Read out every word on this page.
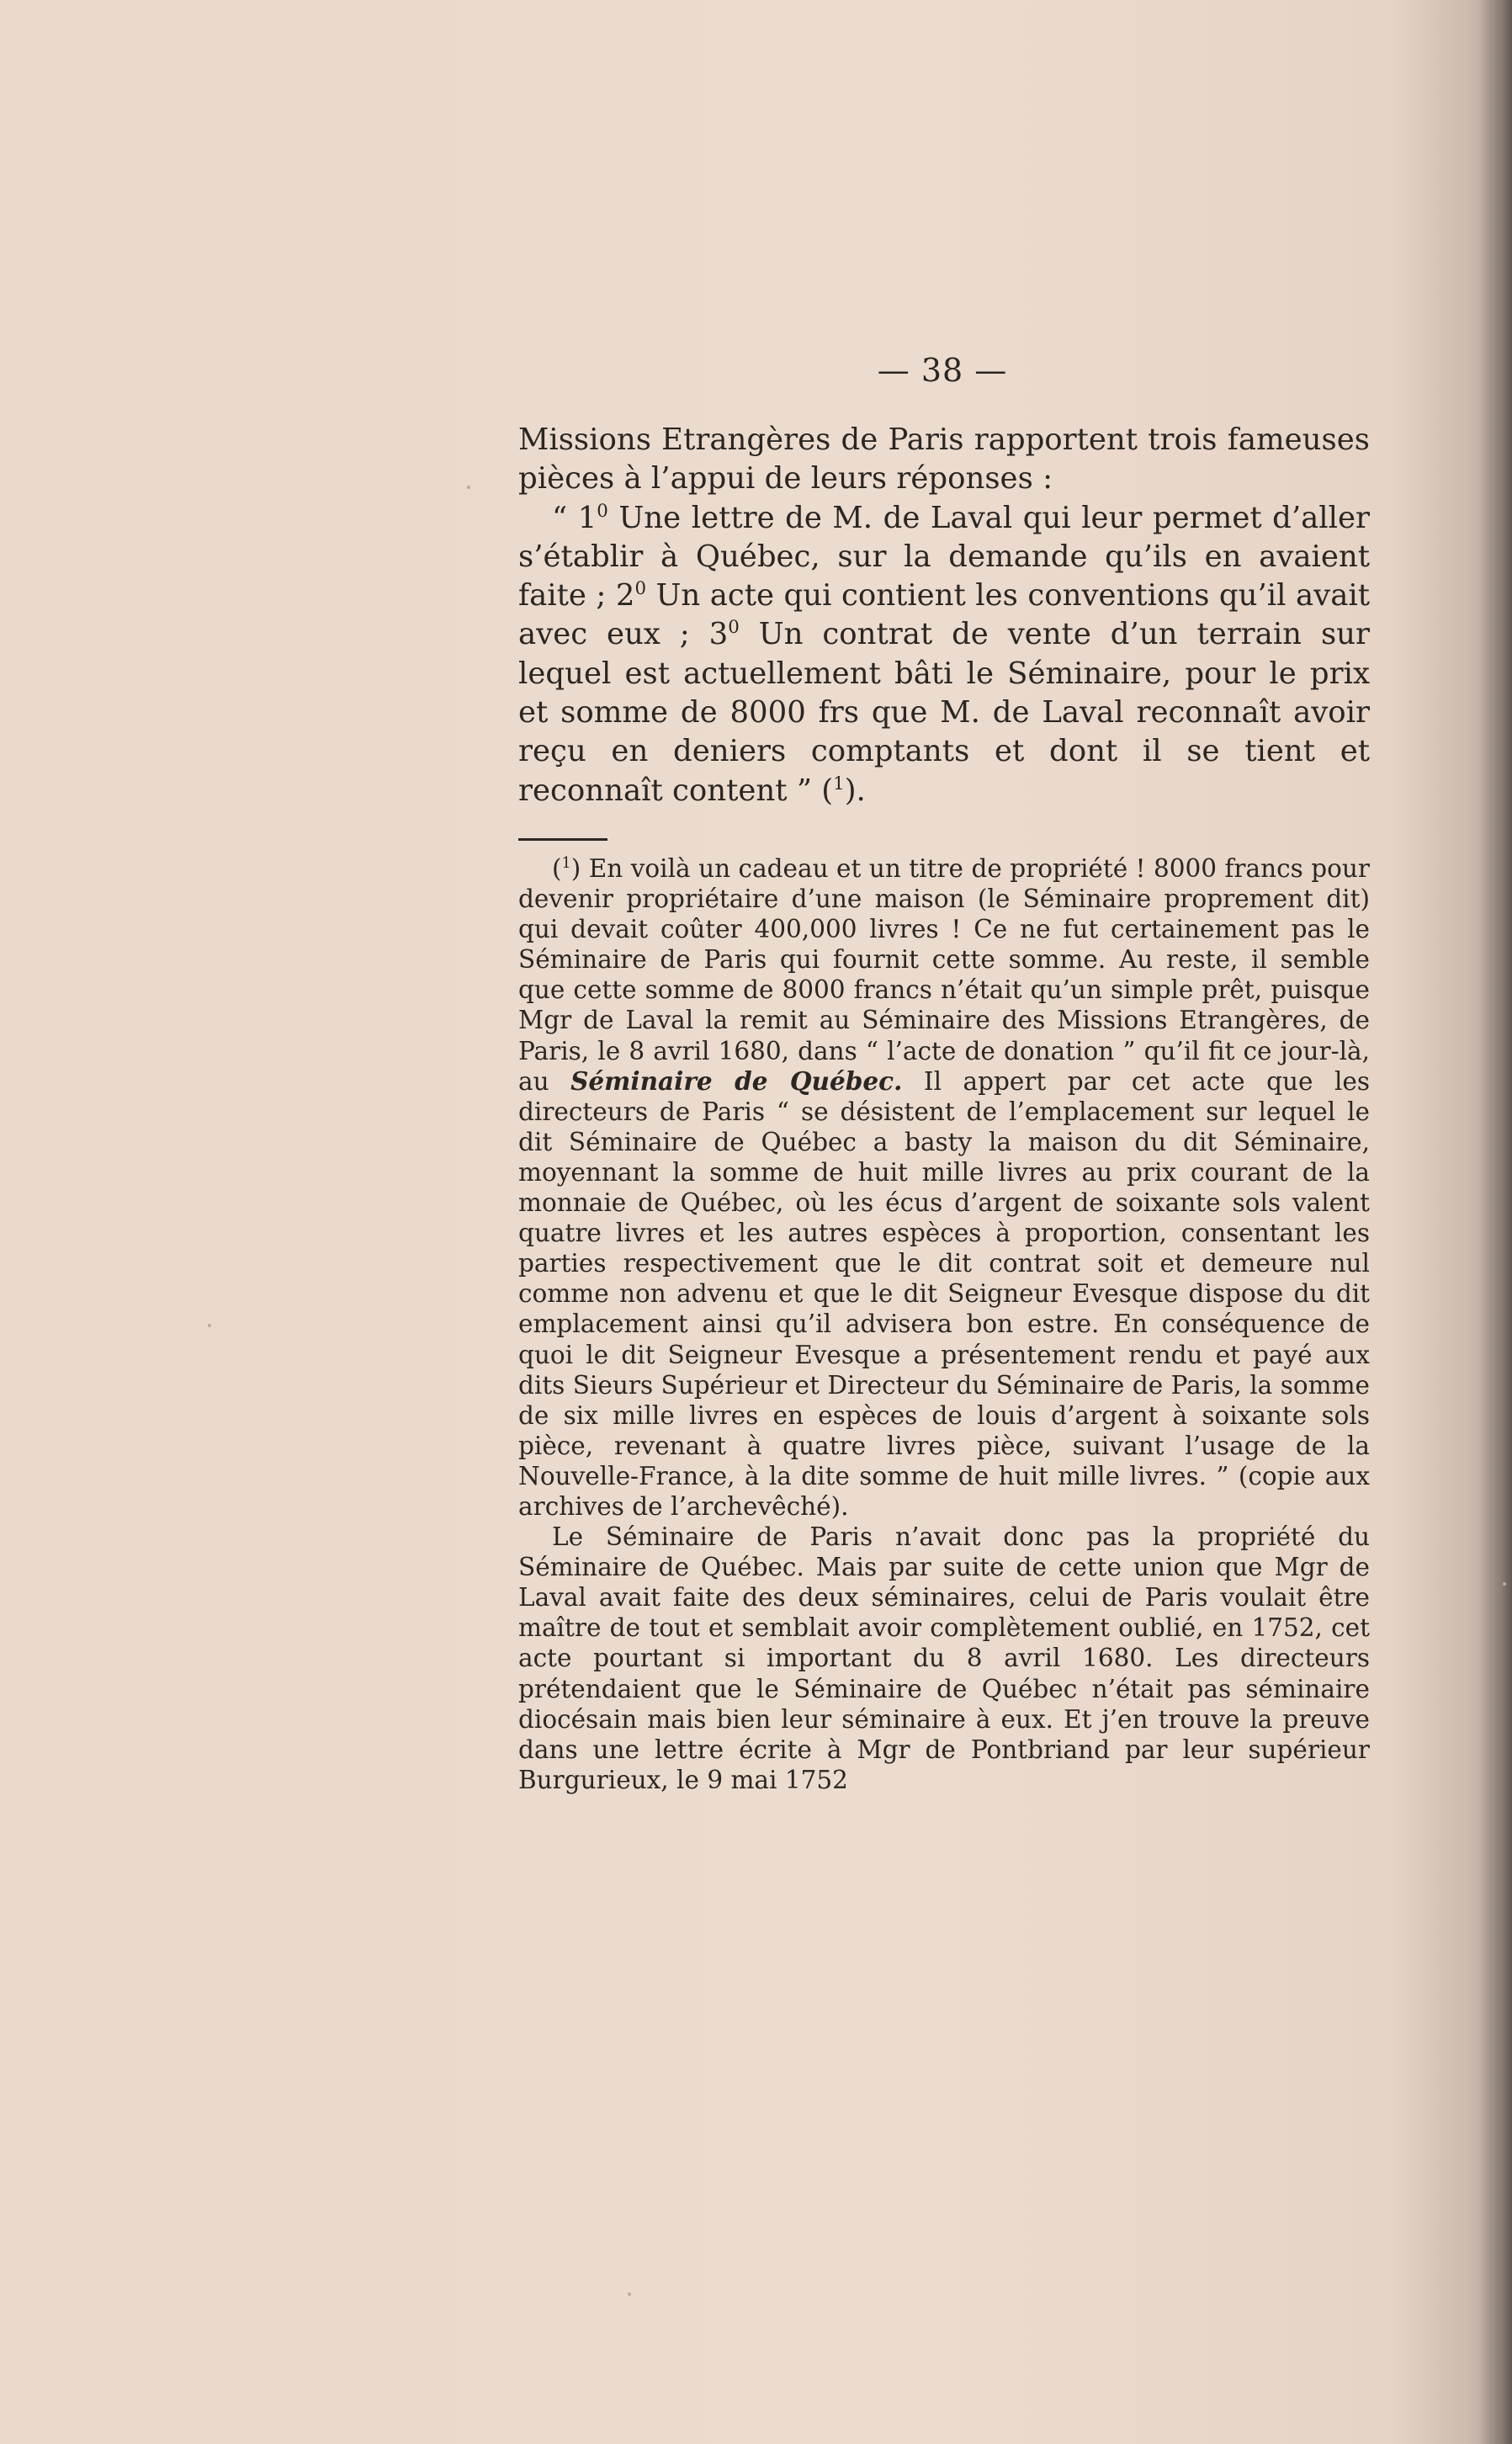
— 38 —

Missions Etrangères de Paris rapportent trois fameuses pièces à l’appui de leurs réponses :

“ $1^0$ Une lettre de M. de Laval qui leur permet d’aller s’établir à Québec, sur la demande qu’ils en avaient faite ; $2^0$ Un acte qui contient les conventions qu’il avait avec eux ; $3^0$ Un contrat de vente d’un terrain sur lequel est actuellement bâti le Séminaire, pour le prix et somme de 8000 frs que M. de Laval reconnaît avoir reçu en deniers comptants et dont il se tient et reconnaît content ” ($^1$).

($^1$) En voilà un cadeau et un titre de propriété ! 8000 francs pour devenir propriétaire d’une maison (le Séminaire proprement dit) qui devait coûter 400,000 livres ! Ce ne fut certainement pas le Séminaire de Paris qui fournit cette somme. Au reste, il semble que cette somme de 8000 francs n’était qu’un simple prêt, puisque Mgr de Laval la remit au Séminaire des Missions Etrangères, de Paris, le 8 avril 1680, dans “ l’acte de donation ” qu’il fit ce jour-là, au Séminaire de Québec. Il appert par cet acte que les directeurs de Paris “ se désistent de l’emplacement sur lequel le dit Séminaire de Québec a basty la maison du dit Séminaire, moyennant la somme de huit mille livres au prix courant de la monnaie de Québec, où les écus d’argent de soixante sols valent quatre livres et les autres espèces à proportion, consentant les parties respectivement que le dit contrat soit et demeure nul comme non advenu et que le dit Seigneur Evesque dispose du dit emplacement ainsi qu’il advisera bon estre. En conséquence de quoi le dit Seigneur Evesque a présentement rendu et payé aux dits Sieurs Supérieur et Directeur du Séminaire de Paris, la somme de six mille livres en espèces de louis d’argent à soixante sols pièce, revenant à quatre livres pièce, suivant l’usage de la Nouvelle-France, à la dite somme de huit mille livres. ” (copie aux archives de l’archevêché).

Le Séminaire de Paris n’avait donc pas la propriété du Séminaire de Québec. Mais par suite de cette union que Mgr de Laval avait faite des deux séminaires, celui de Paris voulait être maître de tout et semblait avoir complètement oublié, en 1752, cet acte pourtant si important du 8 avril 1680. Les directeurs prétendaient que le Séminaire de Québec n’était pas séminaire diocésain mais bien leur séminaire à eux. Et j’en trouve la preuve dans une lettre écrite à Mgr de Pontbriand par leur supérieur Burgurieux, le 9 mai 1752
